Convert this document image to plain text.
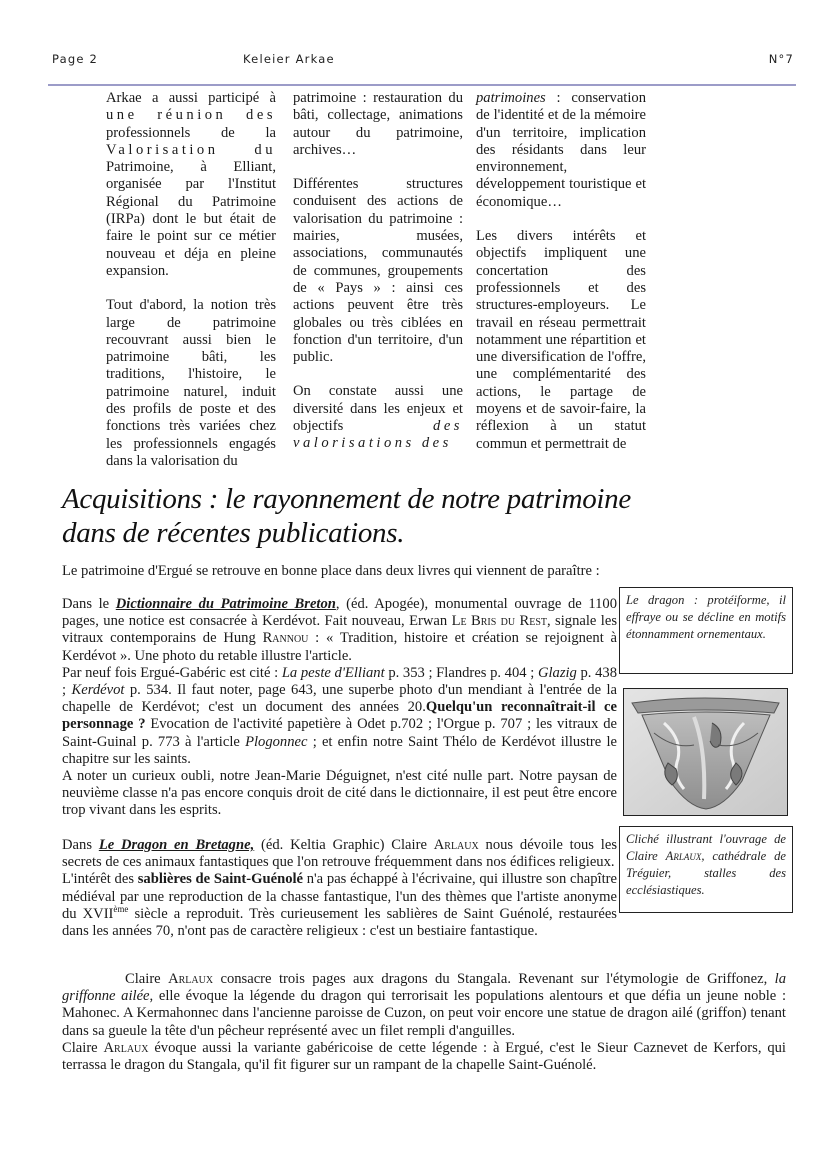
Page 2	Keleier Arkae	N°7

Arkae a aussi participé à une réunion des professionnels de la Valorisation du Patrimoine, à Elliant, organisée par l'Institut Régional du Patrimoine (IRPa) dont le but était de faire le point sur ce métier nouveau et déja en pleine expansion.

Tout d'abord, la notion très large de patrimoine recouvrant aussi bien le patrimoine bâti, les traditions, l'histoire, le patrimoine naturel, induit des profils de poste et des fonctions très variées chez les professionnels engagés dans la valorisation du

patrimoine : restauration du bâti, collectage, animations autour du patrimoine, archives…

Différentes structures conduisent des actions de valorisation du patrimoine : mairies, musées, associations, communautés de communes, groupements de « Pays » : ainsi ces actions peuvent être très globales ou très ciblées en fonction d'un territoire, d'un public.

On constate aussi une diversité dans les enjeux et objectifs des valorisations des

patrimoines : conservation de l'identité et de la mémoire d'un territoire, implication des résidants dans leur environnement, développement touristique et économique…

Les divers intérêts et objectifs impliquent une concertation des professionnels et des structures-employeurs. Le travail en réseau permettrait notamment une répartition et une diversification de l'offre, une complémentarité des actions, le partage de moyens et de savoir-faire, la réflexion à un statut commun et permettrait de

Acquisitions : le rayonnement de notre patrimoine dans de récentes publications.
Le patrimoine d'Ergué se retrouve en bonne place dans deux livres qui viennent de paraître :

Dans le Dictionnaire du Patrimoine Breton, (éd. Apogée), monumental ouvrage de 1100 pages, une notice est consacrée à Kerdévot. Fait nouveau, Erwan Le Bris du Rest, signale les vitraux contemporains de Hung Rannou : « Tradition, histoire et création se rejoignent à Kerdévot ». Une photo du retable illustre l'article.

Par neuf fois Ergué-Gabéric est cité : La peste d'Elliant p. 353 ; Flandres p. 404 ; Glazig p. 438 ; Kerdévot p. 534. Il faut noter, page 643, une superbe photo d'un mendiant à l'entrée de la chapelle de Kerdévot; c'est un document des années 20.Quelqu'un reconnaîtrait-il ce personnage ? Evocation de l'activité papetière à Odet p.702 ; l'Orgue p. 707 ; les vitraux de Saint-Guinal p. 773 à l'article Plogonnec ; et enfin notre Saint Thélo de Kerdévot illustre le chapitre sur les saints.

A noter un curieux oubli, notre Jean-Marie Déguignet, n'est cité nulle part. Notre paysan de neuvième classe n'a pas encore conquis droit de cité dans le dictionnaire, il est peut être encore trop vivant dans les esprits.

Dans Le Dragon en Bretagne, (éd. Keltia Graphic) Claire Arlaux nous dévoile tous les secrets de ces animaux fantastiques que l'on retrouve fréquemment dans nos édifices religieux.

L'intérêt des sablières de Saint-Guénolé n'a pas échappé à l'écrivaine, qui illustre son chapître médiéval par une reproduction de la chasse fantastique, l'un des thèmes que l'artiste anonyme du XVIIème siècle a reproduit. Très curieusement les sablières de Saint Guénolé, restaurées dans les années 70, n'ont pas de caractère religieux : c'est un bestiaire fantastique.

Claire Arlaux consacre trois pages aux dragons du Stangala. Revenant sur l'étymologie de Griffonez, la griffonne ailée, elle évoque la légende du dragon qui terrorisait les populations alentours et que défia un jeune noble : Mahonec. A Kermahonnec dans l'ancienne paroisse de Cuzon, on peut voir encore une statue de dragon ailé (griffon) tenant dans sa gueule la tête d'un pêcheur représenté avec un filet rempli d'anguilles.

Claire Arlaux évoque aussi la variante gabéricoise de cette légende : à Ergué, c'est le Sieur Caznevet de Kerfors, qui terrassa le dragon du Stangala, qu'il fit figurer sur un rampant de la chapelle Saint-Guénolé.

Le dragon : protéiforme, il effraye ou se décline en motifs étonnamment ornementaux.
Cliché illustrant l'ouvrage de Claire Arlaux, cathédrale de Tréguier, stalles des ecclésiastiques.
